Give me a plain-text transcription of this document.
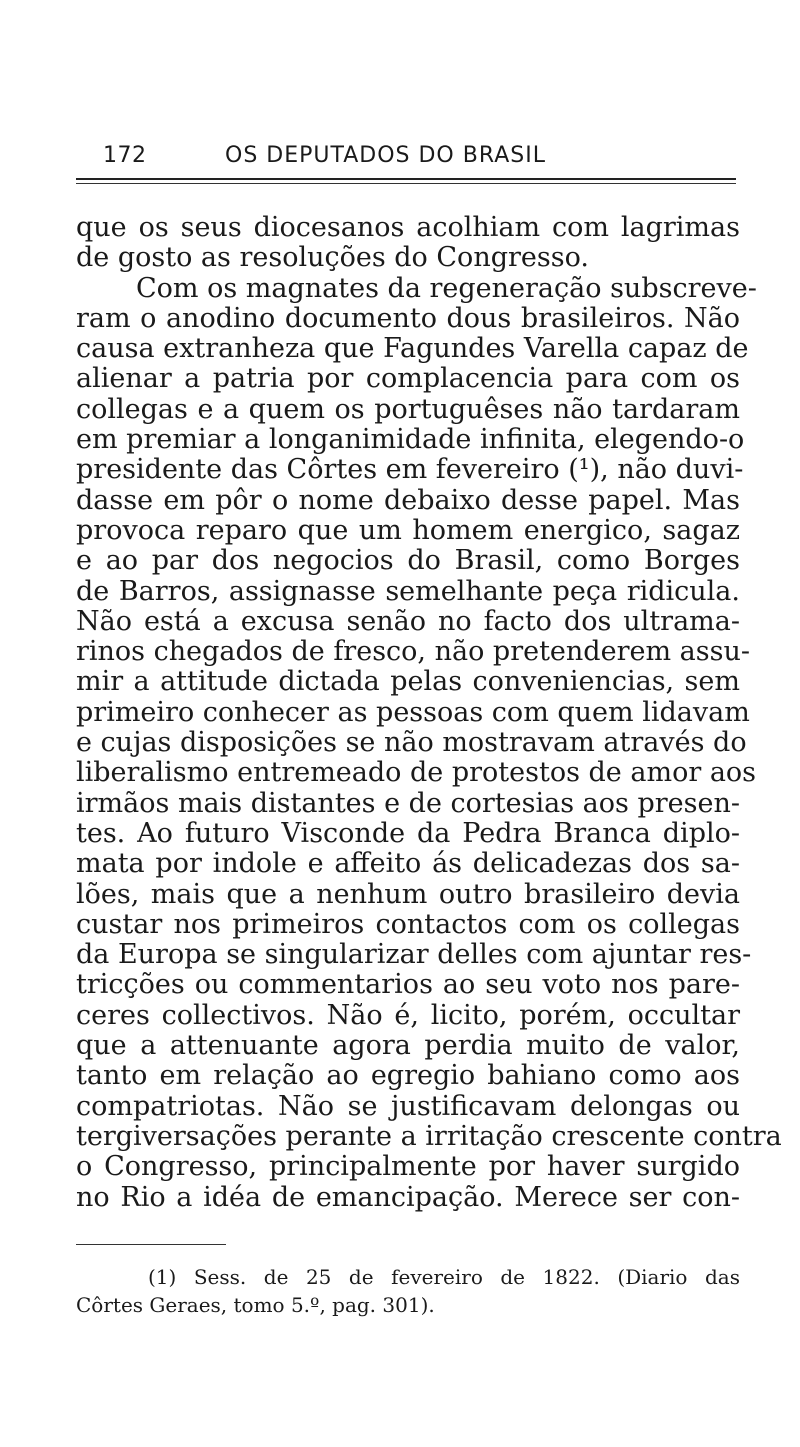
172	OS DEPUTADOS DO BRASIL
que os seus diocesanos acolhiam com lagrimas
de gosto as resoluções do Congresso.
Com os magnates da regeneração subscreve-
ram o anodino documento dous brasileiros. Não
causa extranheza que Fagundes Varella capaz de
alienar a patria por complacencia para com os
collegas e a quem os portuguêses não tardaram
em premiar a longanimidade infinita, elegendo-o
presidente das Côrtes em fevereiro (¹), não duvi-
dasse em pôr o nome debaixo desse papel. Mas
provoca reparo que um homem energico, sagaz
e ao par dos negocios do Brasil, como Borges
de Barros, assignasse semelhante peça ridicula.
Não está a excusa senão no facto dos ultrama-
rinos chegados de fresco, não pretenderem assu-
mir a attitude dictada pelas conveniencias, sem
primeiro conhecer as pessoas com quem lidavam
e cujas disposições se não mostravam através do
liberalismo entremeado de protestos de amor aos
irmãos mais distantes e de cortesias aos presen-
tes. Ao futuro Visconde da Pedra Branca diplo-
mata por indole e affeito ás delicadezas dos sa-
lões, mais que a nenhum outro brasileiro devia
custar nos primeiros contactos com os collegas
da Europa se singularizar delles com ajuntar res-
tricções ou commentarios ao seu voto nos pare-
ceres collectivos. Não é, licito, porém, occultar
que a attenuante agora perdia muito de valor,
tanto em relação ao egregio bahiano como aos
compatriotas. Não se justificavam delongas ou
tergiversações perante a irritação crescente contra
o Congresso, principalmente por haver surgido
no Rio a idéa de emancipação. Merece ser con-
(1) Sess. de 25 de fevereiro de 1822. (Diario das
Côrtes Geraes, tomo 5.º, pag. 301).
